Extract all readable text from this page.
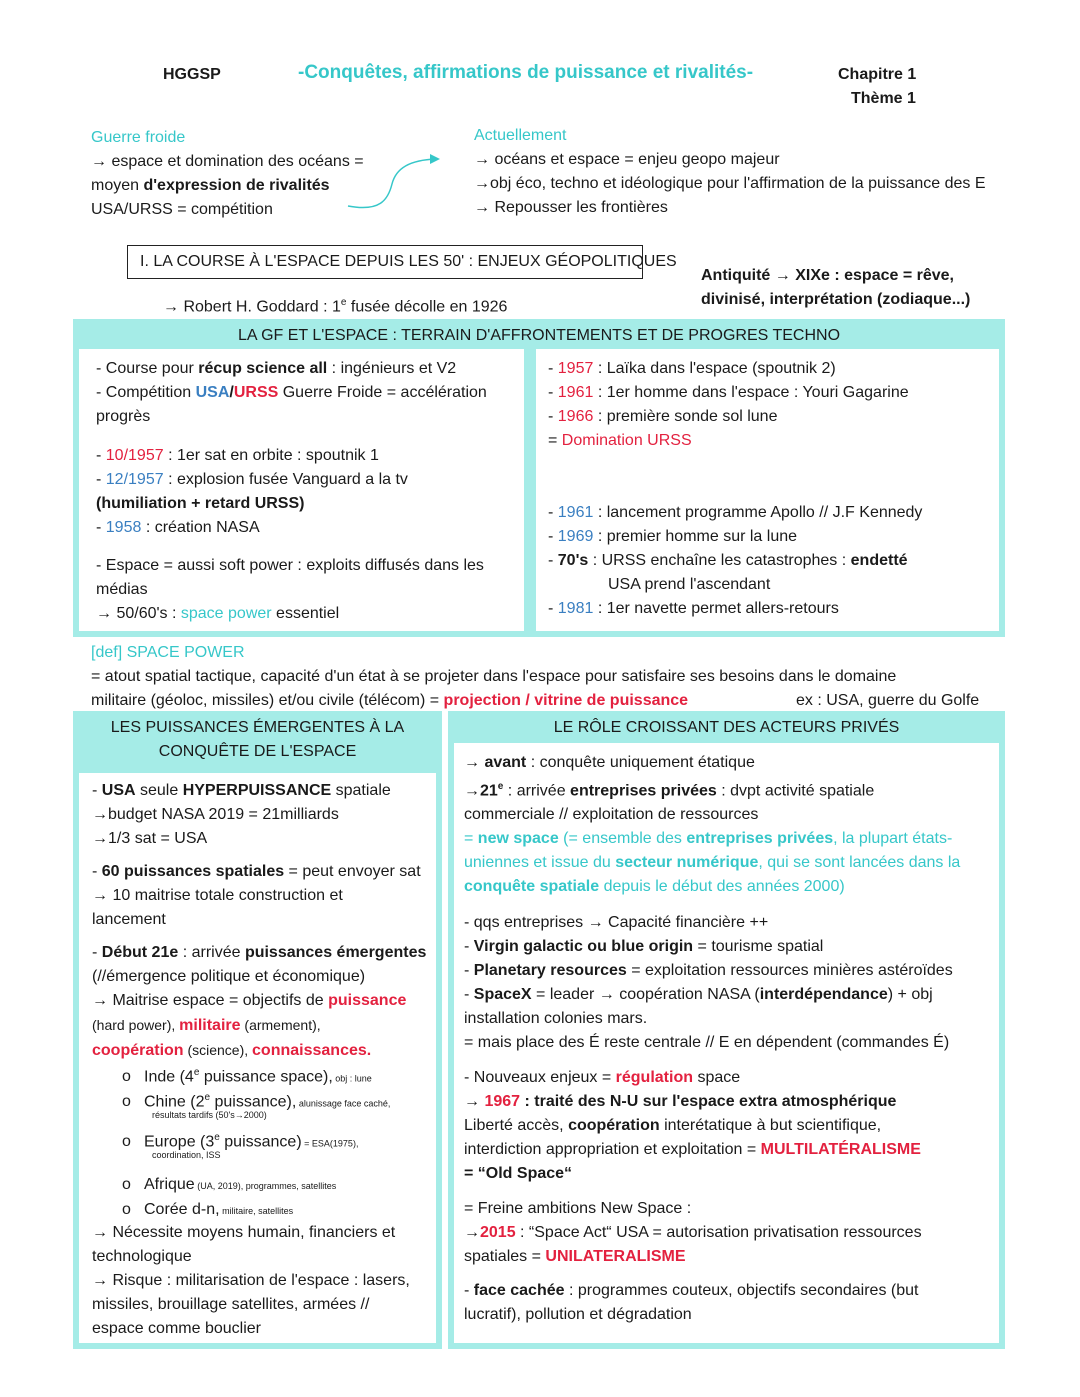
HGGSP	-Conquêtes, affirmations de puissance et rivalités-	Chapitre 1
Thème 1
Guerre froide
→ espace et domination des océans =
moyen d'expression de rivalités
USA/URSS = compétition
Actuellement
→ océans et espace = enjeu geopo majeur
→obj éco, techno et idéologique pour l'affirmation de la puissance des E
→ Repousser les frontières
I. LA COURSE À L'ESPACE DEPUIS LES 50' : ENJEUX GÉOPOLITIQUES
→ Robert H. Goddard : 1e fusée décolle en 1926
Antiquité → XIXe : espace = rêve,
divinisé, interprétation (zodiaque...)
LA GF ET L'ESPACE : TERRAIN D'AFFRONTEMENTS ET DE PROGRES TECHNO
- Course pour récup science all : ingénieurs et V2
- Compétition USA/URSS Guerre Froide = accélération
progrès
- 10/1957 : 1er sat en orbite : spoutnik 1
- 12/1957 : explosion fusée Vanguard a la tv
(humiliation + retard URSS)
- 1958 : création NASA
- Espace = aussi soft power : exploits diffusés dans les
médias
→ 50/60's : space power essentiel
- 1957 : Laïka dans l'espace (spoutnik 2)
- 1961 : 1er homme dans l'espace : Youri Gagarine
- 1966 : première sonde sol lune
= Domination URSS
- 1961 : lancement programme Apollo // J.F Kennedy
- 1969 : premier homme sur la lune
- 70's : URSS enchaîne les catastrophes : endetté
USA prend l'ascendant
- 1981 : 1er navette permet allers-retours
[def] SPACE POWER
= atout spatial tactique, capacité d'un état à se projeter dans l'espace pour satisfaire ses besoins dans le domaine
militaire (géoloc, missiles) et/ou civile (télécom) = projection / vitrine de puissance	ex : USA, guerre du Golfe
LES PUISSANCES ÉMERGENTES À LA
CONQUÊTE DE L'ESPACE
- USA seule HYPERPUISSANCE spatiale
→budget NASA 2019 = 21milliards
→1/3 sat = USA
- 60 puissances spatiales = peut envoyer sat
→ 10 maitrise totale construction et
lancement
- Début 21e : arrivée puissances émergentes
(//émergence politique et économique)
→ Maitrise espace = objectifs de puissance
(hard power), militaire (armement),
coopération (science), connaissances.
o Inde (4e puissance space), obj : lune
o Chine (2e puissance), alunissage face caché,
résultats tardifs (50's→2000)
o Europe (3e puissance) = ESA(1975),
coordination, ISS
o Afrique (UA, 2019), programmes, satellites
o Corée d-n, militaire, satellites
→ Nécessite moyens humain, financiers et
technologique
→ Risque : militarisation de l'espace : lasers,
missiles, brouillage satellites, armées //
espace comme bouclier
LE RÔLE CROISSANT DES ACTEURS PRIVÉS
→ avant : conquête uniquement étatique
$\to 21^e$ : arrivée entreprises privées : dvpt activité spatiale
commerciale // exploitation de ressources
= new space (= ensemble des entreprises privées, la plupart états-
uniennes et issue du secteur numérique, qui se sont lancées dans la
conquête spatiale depuis le début des années 2000)
- qqs entreprises → Capacité financière ++
- Virgin galactic ou blue origin = tourisme spatial
- Planetary resources = exploitation ressources minières astéroïdes
- SpaceX = leader → coopération NASA (interdépendance) + obj
installation colonies mars.
= mais place des É reste centrale // E en dépendent (commandes É)
- Nouveaux enjeux = régulation space
→ 1967 : traité des N-U sur l'espace extra atmosphérique
Liberté accès, coopération interétatique à but scientifique,
interdiction appropriation et exploitation = MULTILATÉRALISME
= “Old Space“
= Freine ambitions New Space :
→2015 : “Space Act“ USA = autorisation privatisation ressources
spatiales = UNILATERALISME
- face cachée : programmes couteux, objectifs secondaires (but
lucratif), pollution et dégradation
